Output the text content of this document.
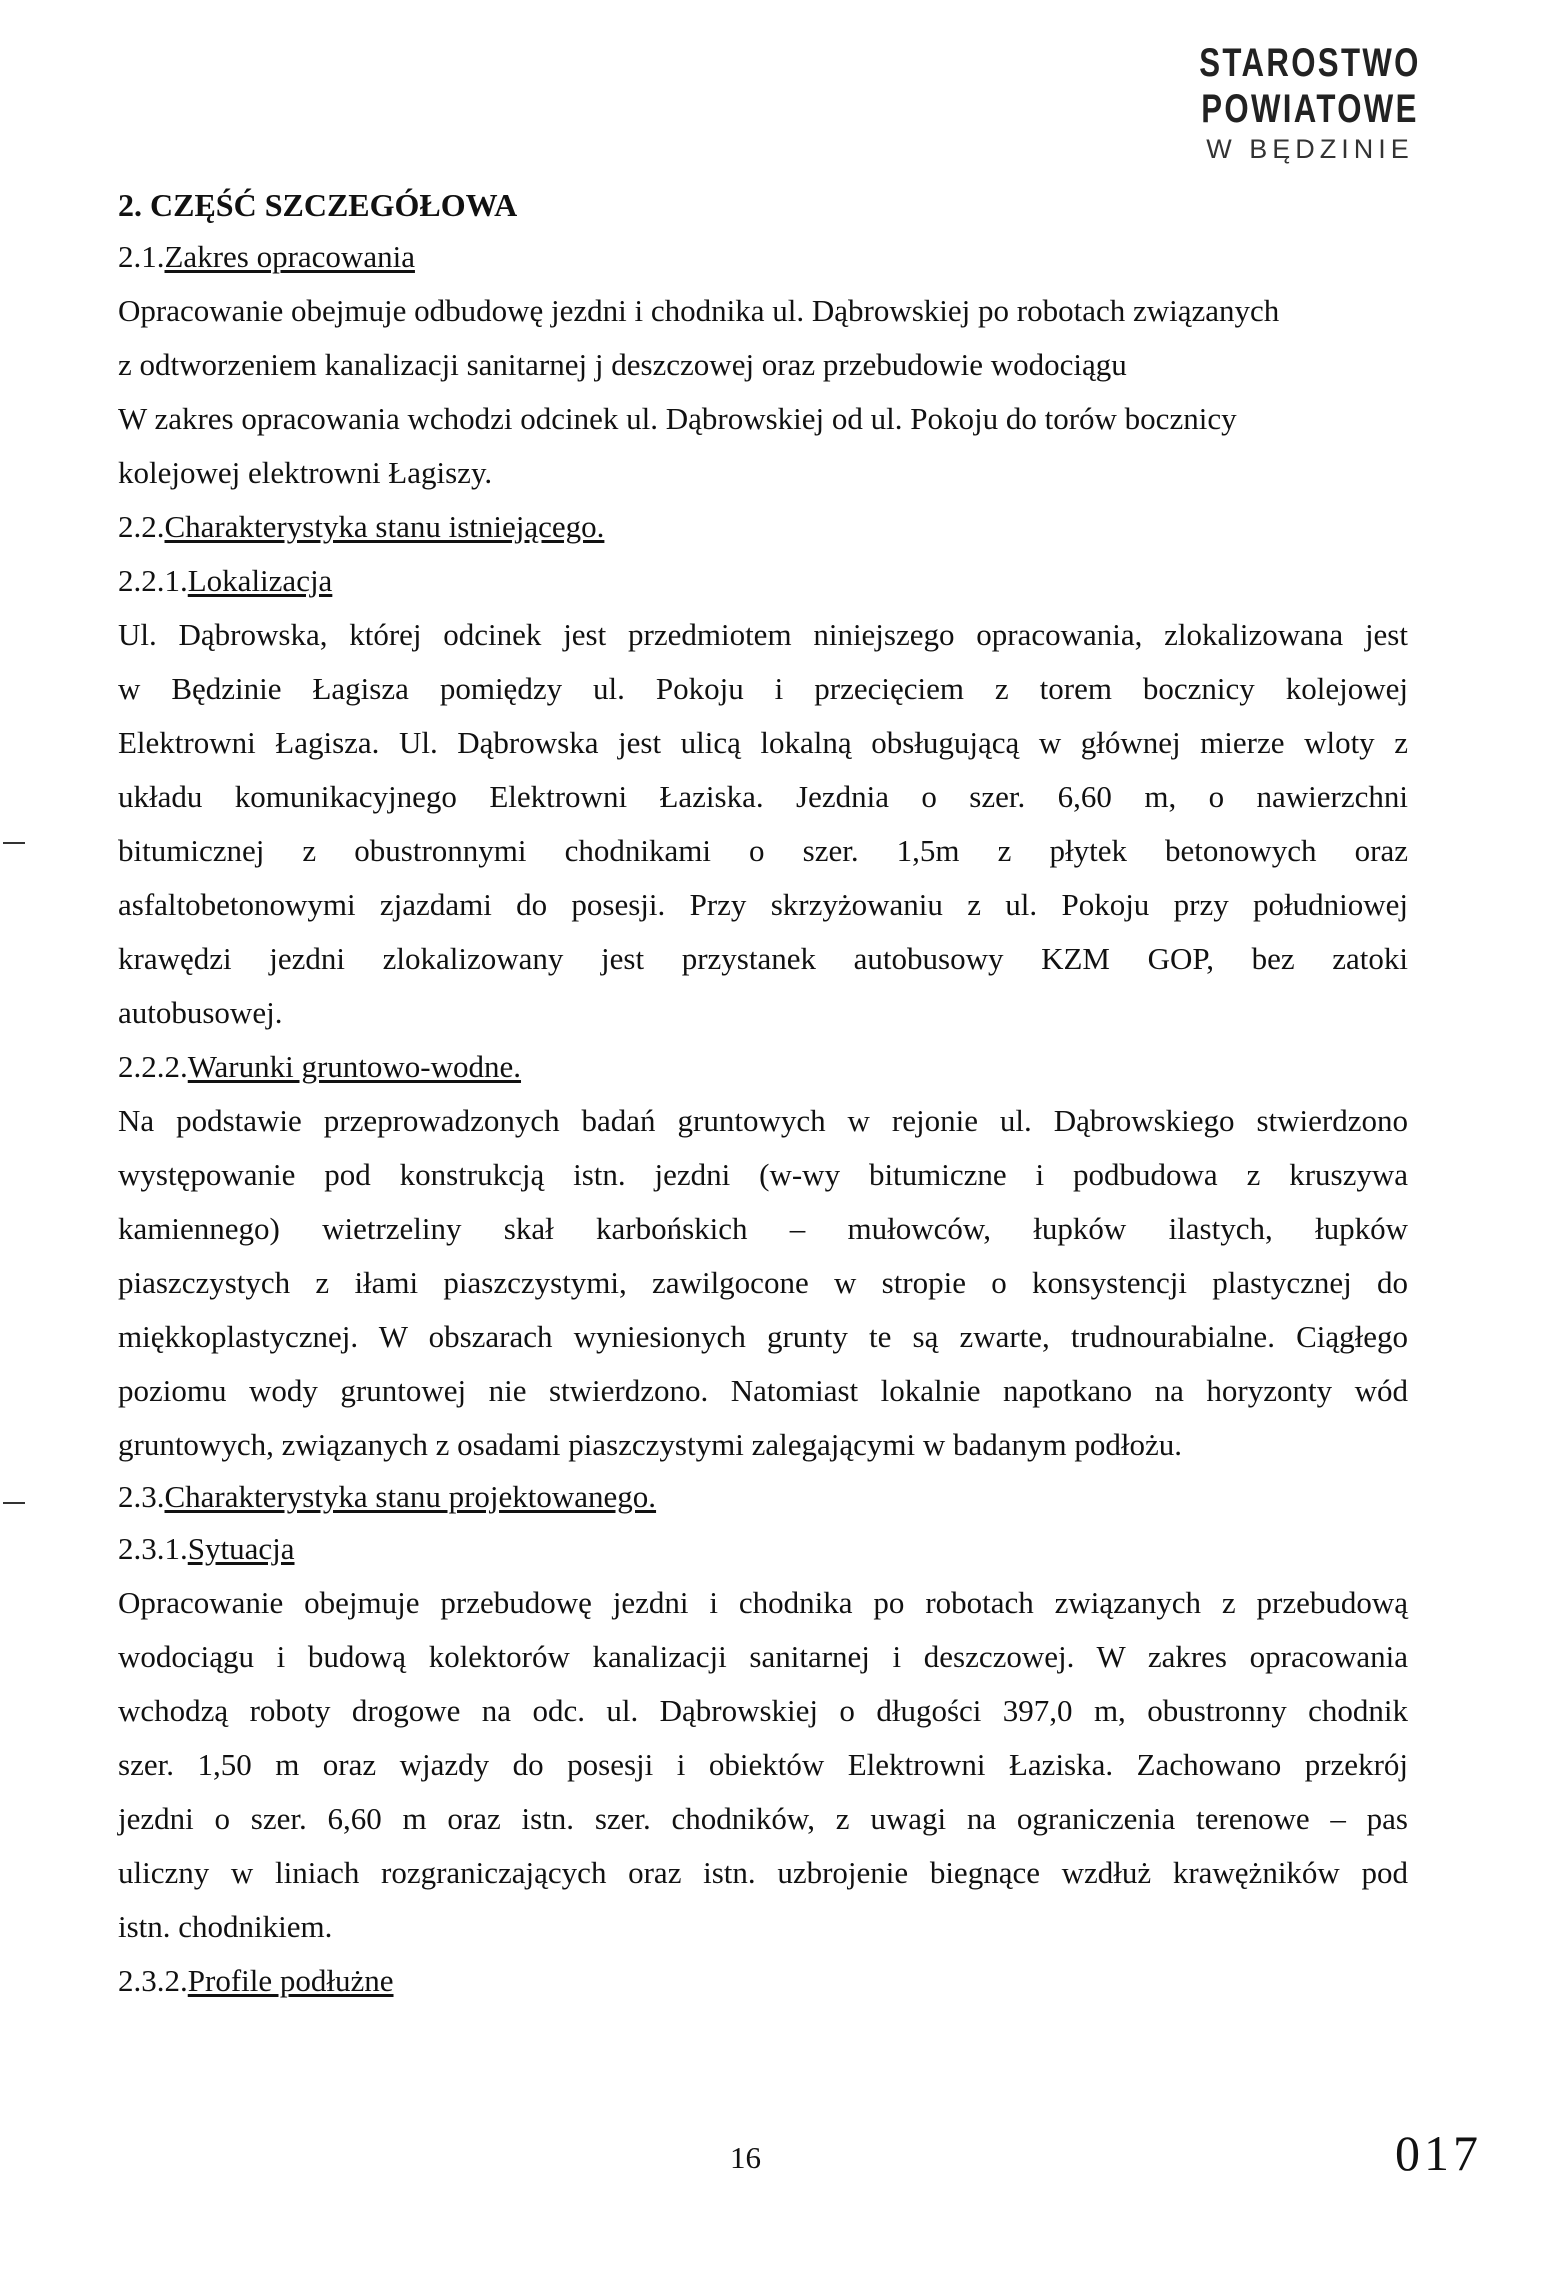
STAROSTWO POWIATOWE
W BĘDZINIE

2. CZĘŚĆ SZCZEGÓŁOWA

2.1.Zakres opracowania

Opracowanie obejmuje odbudowę jezdni i chodnika ul. Dąbrowskiej po robotach związanych

z odtworzeniem kanalizacji sanitarnej j deszczowej oraz przebudowie wodociągu

W zakres opracowania wchodzi odcinek ul. Dąbrowskiej od ul. Pokoju do torów bocznicy

kolejowej elektrowni Łagiszy.

2.2.Charakterystyka stanu istniejącego.

2.2.1.Lokalizacja

Ul. Dąbrowska, której odcinek jest przedmiotem niniejszego opracowania, zlokalizowana jest

w Będzinie Łagisza pomiędzy ul. Pokoju i przecięciem z torem bocznicy kolejowej

Elektrowni Łagisza. Ul. Dąbrowska jest ulicą lokalną obsługującą w głównej mierze wloty z

układu komunikacyjnego Elektrowni Łaziska. Jezdnia o szer. 6,60 m, o nawierzchni

bitumicznej z obustronnymi chodnikami o szer. 1,5m z płytek betonowych oraz

asfaltobetonowymi zjazdami do posesji. Przy skrzyżowaniu z ul. Pokoju przy południowej

krawędzi jezdni zlokalizowany jest przystanek autobusowy KZM GOP, bez zatoki

autobusowej.

2.2.2.Warunki gruntowo-wodne.

Na podstawie przeprowadzonych badań gruntowych w rejonie ul. Dąbrowskiego stwierdzono

występowanie pod konstrukcją istn. jezdni (w-wy bitumiczne i podbudowa z kruszywa

kamiennego) wietrzeliny skał karbońskich – mułowców, łupków ilastych, łupków

piaszczystych z iłami piaszczystymi, zawilgocone w stropie o konsystencji plastycznej do

miękkoplastycznej. W obszarach wyniesionych grunty te są zwarte, trudnourabialne. Ciągłego

poziomu wody gruntowej nie stwierdzono. Natomiast lokalnie napotkano na horyzonty wód

gruntowych, związanych z osadami piaszczystymi zalegającymi w badanym podłożu.

2.3.Charakterystyka stanu projektowanego.

2.3.1.Sytuacja

Opracowanie obejmuje przebudowę jezdni i chodnika po robotach związanych z przebudową

wodociągu i budową kolektorów kanalizacji sanitarnej i deszczowej. W zakres opracowania

wchodzą roboty drogowe na odc. ul. Dąbrowskiej o długości 397,0 m, obustronny chodnik

szer. 1,50 m oraz wjazdy do posesji i obiektów Elektrowni Łaziska. Zachowano przekrój

jezdni o szer. 6,60 m oraz istn. szer. chodników, z uwagi na ograniczenia terenowe – pas

uliczny w liniach rozgraniczających oraz istn. uzbrojenie biegnące wzdłuż krawężników pod

istn. chodnikiem.

2.3.2.Profile podłużne

16	017
